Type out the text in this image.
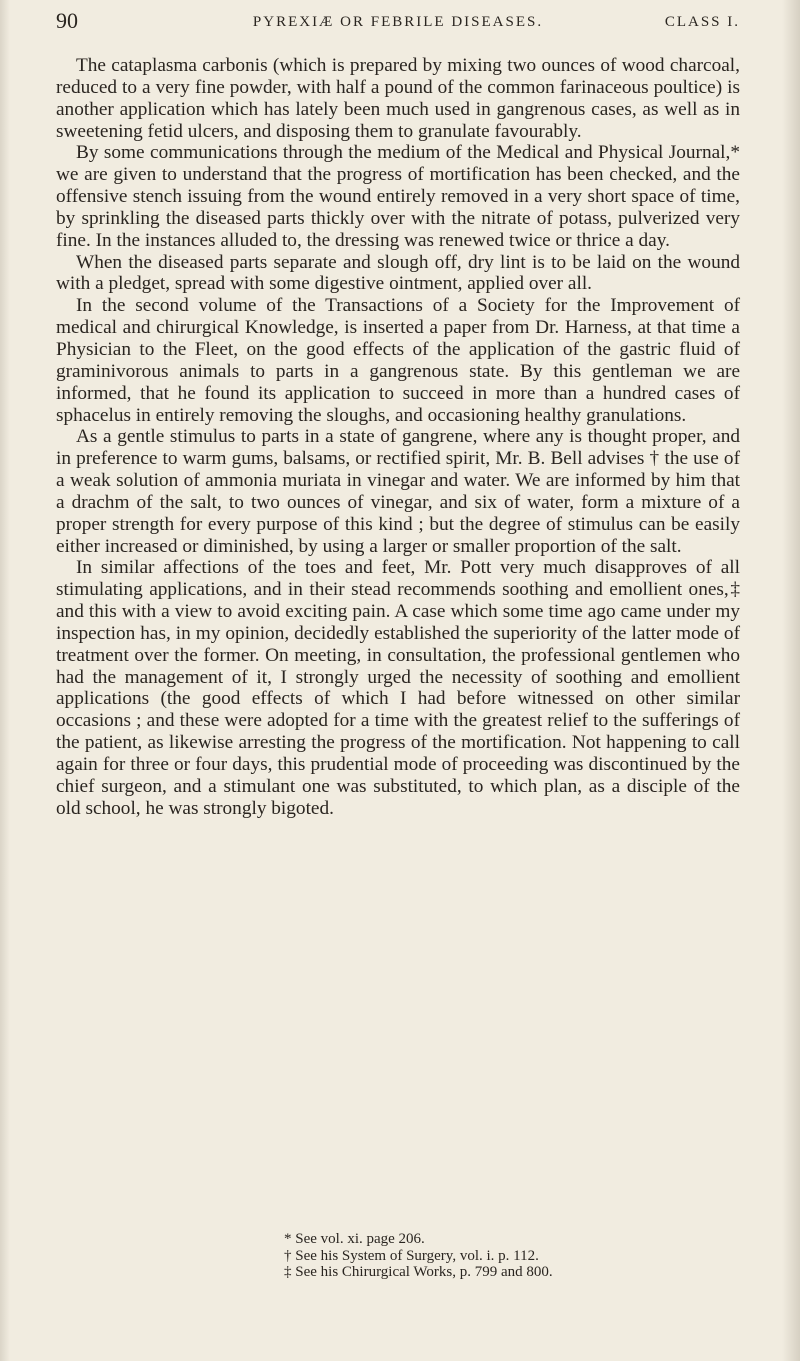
90	PYREXIÆ OR FEBRILE DISEASES.	CLASS I.

The cataplasma carbonis (which is prepared by mixing two ounces of wood charcoal, reduced to a very fine powder, with half a pound of the common farinaceous poultice) is another application which has lately been much used in gangrenous cases, as well as in sweetening fetid ulcers, and disposing them to granulate favourably.

By some communications through the medium of the Medical and Physical Journal,* we are given to understand that the progress of mortification has been checked, and the offensive stench issuing from the wound entirely removed in a very short space of time, by sprinkling the diseased parts thickly over with the nitrate of potass, pulverized very fine. In the instances alluded to, the dressing was renewed twice or thrice a day.

When the diseased parts separate and slough off, dry lint is to be laid on the wound with a pledget, spread with some digestive ointment, applied over all.

In the second volume of the Transactions of a Society for the Improvement of medical and chirurgical Knowledge, is inserted a paper from Dr. Harness, at that time a Physician to the Fleet, on the good effects of the application of the gastric fluid of graminivorous animals to parts in a gangrenous state. By this gentleman we are informed, that he found its application to succeed in more than a hundred cases of sphacelus in entirely removing the sloughs, and occasioning healthy granulations.

As a gentle stimulus to parts in a state of gangrene, where any is thought proper, and in preference to warm gums, balsams, or rectified spirit, Mr. B. Bell advises † the use of a weak solution of ammonia muriata in vinegar and water. We are informed by him that a drachm of the salt, to two ounces of vinegar, and six of water, form a mixture of a proper strength for every purpose of this kind ; but the degree of stimulus can be easily either increased or diminished, by using a larger or smaller proportion of the salt.

In similar affections of the toes and feet, Mr. Pott very much disapproves of all stimulating applications, and in their stead recommends soothing and emollient ones,‡ and this with a view to avoid exciting pain. A case which some time ago came under my inspection has, in my opinion, decidedly established the superiority of the latter mode of treatment over the former. On meeting, in consultation, the professional gentlemen who had the management of it, I strongly urged the necessity of soothing and emollient applications (the good effects of which I had before witnessed on other similar occasions ; and these were adopted for a time with the greatest relief to the sufferings of the patient, as likewise arresting the progress of the mortification. Not happening to call again for three or four days, this prudential mode of proceeding was discontinued by the chief surgeon, and a stimulant one was substituted, to which plan, as a disciple of the old school, he was strongly bigoted.

* See vol. xi. page 206.

† See his System of Surgery, vol. i. p. 112.

‡ See his Chirurgical Works, p. 799 and 800.
